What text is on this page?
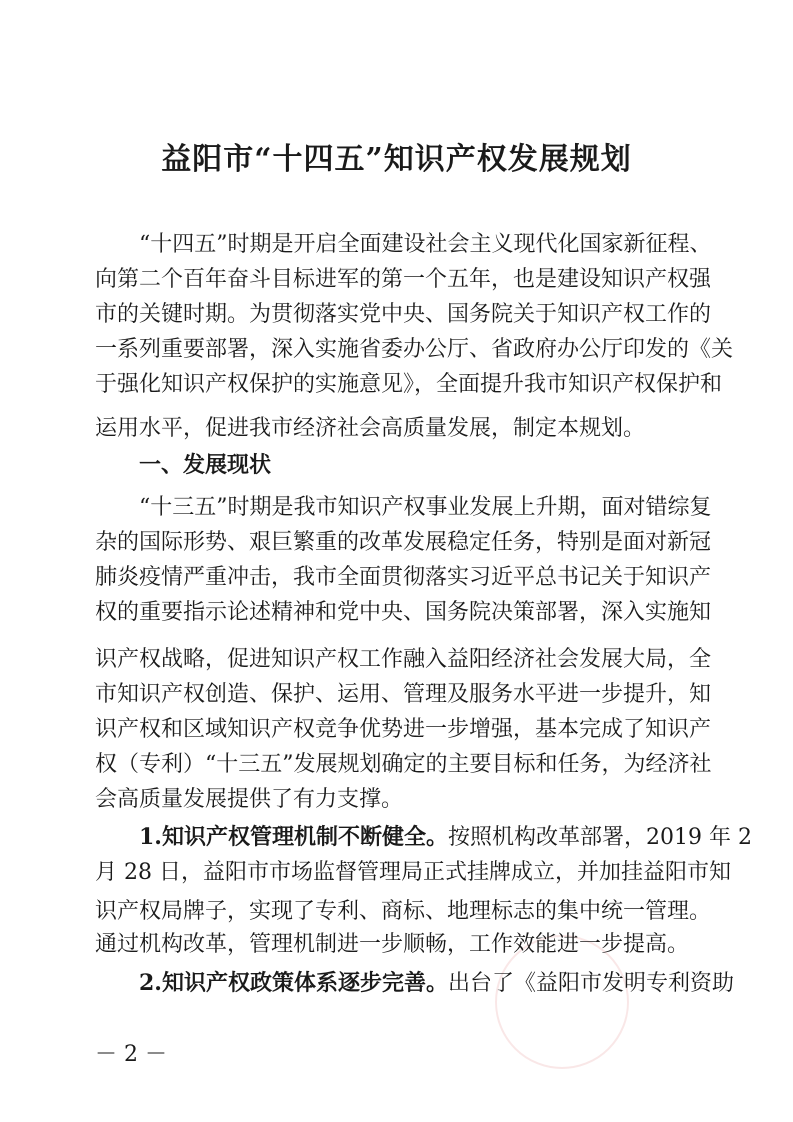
益阳市“十四五”知识产权发展规划
“十四五”时期是开启全面建设社会主义现代化国家新征程、
向第二个百年奋斗目标进军的第一个五年，也是建设知识产权强
市的关键时期。为贯彻落实党中央、国务院关于知识产权工作的
一系列重要部署，深入实施省委办公厅、省政府办公厅印发的《关
于强化知识产权保护的实施意见》，全面提升我市知识产权保护和
运用水平，促进我市经济社会高质量发展，制定本规划。
一、发展现状
“十三五”时期是我市知识产权事业发展上升期，面对错综复
杂的国际形势、艰巨繁重的改革发展稳定任务，特别是面对新冠
肺炎疫情严重冲击，我市全面贯彻落实习近平总书记关于知识产
权的重要指示论述精神和党中央、国务院决策部署，深入实施知
识产权战略，促进知识产权工作融入益阳经济社会发展大局，全
市知识产权创造、保护、运用、管理及服务水平进一步提升，知
识产权和区域知识产权竞争优势进一步增强，基本完成了知识产
权（专利）“十三五”发展规划确定的主要目标和任务，为经济社
会高质量发展提供了有力支撑。
1.知识产权管理机制不断健全。按照机构改革部署，2019 年 2
月 28 日，益阳市市场监督管理局正式挂牌成立，并加挂益阳市知
识产权局牌子，实现了专利、商标、地理标志的集中统一管理。
通过机构改革，管理机制进一步顺畅，工作效能进一步提高。
2.知识产权政策体系逐步完善。出台了《益阳市发明专利资助
－ 2 －
